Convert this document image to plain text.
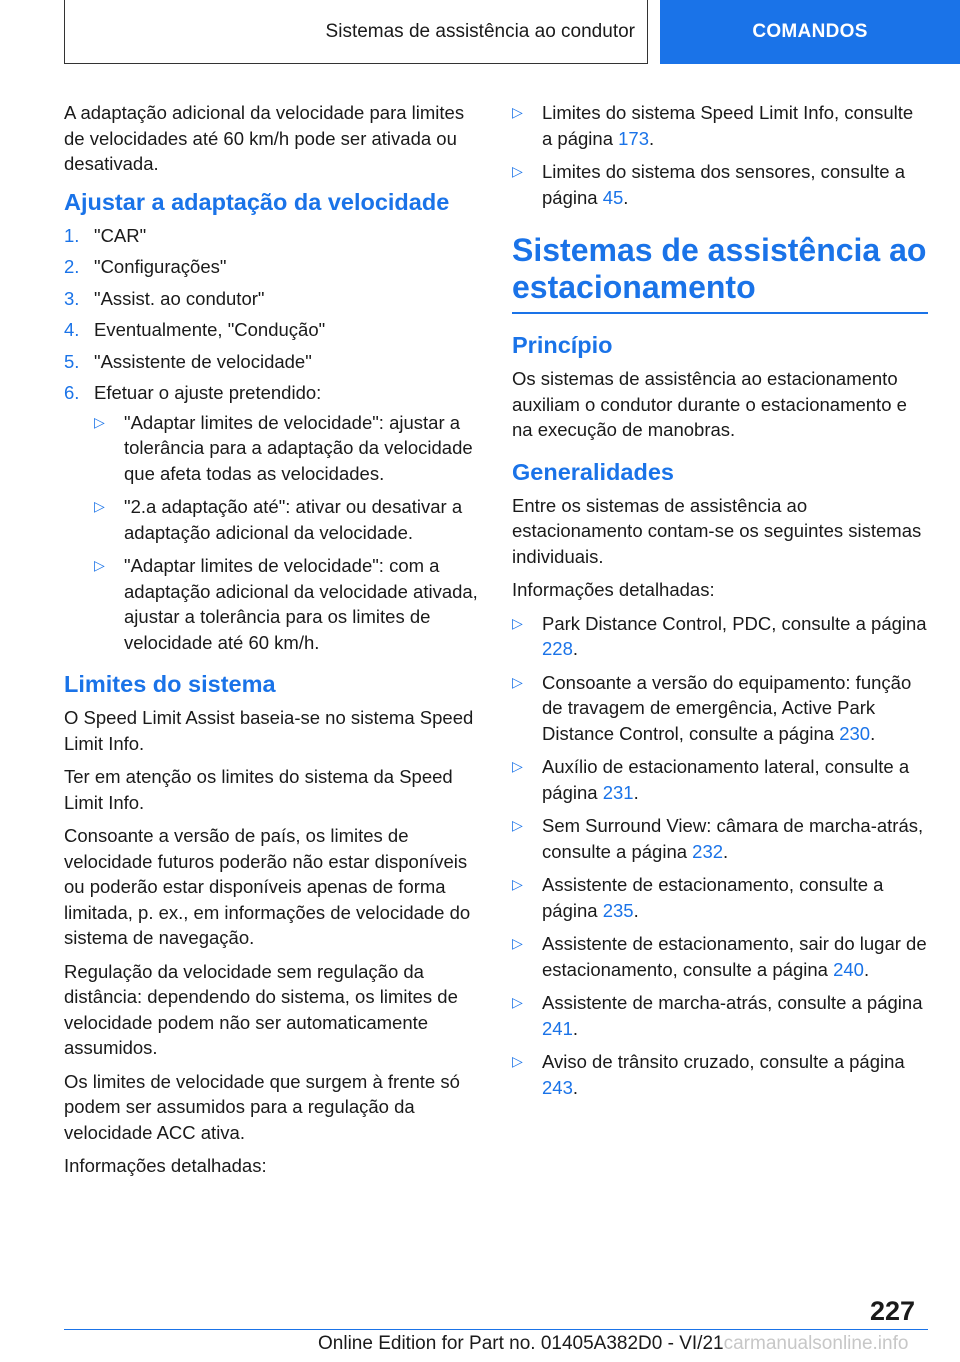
Sistemas de assistência ao condutor	COMANDOS

A adaptação adicional da velocidade para limites de velocidades até 60 km/h pode ser ativada ou desativada.

Ajustar a adaptação da velocidade
1. "CAR"
2. "Configurações"
3. "Assist. ao condutor"
4. Eventualmente, "Condução"
5. "Assistente de velocidade"
6. Efetuar o ajuste pretendido:
▷ "Adaptar limites de velocidade": ajustar a tolerância para a adaptação da velocidade que afeta todas as velocidades.
▷ "2.a adaptação até": ativar ou desativar a adaptação adicional da velocidade.
▷ "Adaptar limites de velocidade": com a adaptação adicional da velocidade ativada, ajustar a tolerância para os limites de velocidade até 60 km/h.
Limites do sistema

O Speed Limit Assist baseia-se no sistema Speed Limit Info.

Ter em atenção os limites do sistema da Speed Limit Info.

Consoante a versão de país, os limites de velocidade futuros poderão não estar disponíveis ou poderão estar disponíveis apenas de forma limitada, p. ex., em informações de velocidade do sistema de navegação.

Regulação da velocidade sem regulação da distância: dependendo do sistema, os limites de velocidade podem não ser automaticamente assumidos.

Os limites de velocidade que surgem à frente só podem ser assumidos para a regulação da velocidade ACC ativa.

Informações detalhadas:

▷ Limites do sistema Speed Limit Info, consulte a página 173.
▷ Limites do sistema dos sensores, consulte a página 45.
Sistemas de assistência ao estacionamento
Princípio

Os sistemas de assistência ao estacionamento auxiliam o condutor durante o estacionamento e na execução de manobras.

Generalidades

Entre os sistemas de assistência ao estacionamento contam-se os seguintes sistemas individuais.

Informações detalhadas:

▷ Park Distance Control, PDC, consulte a página 228.
▷ Consoante a versão do equipamento: função de travagem de emergência, Active Park Distance Control, consulte a página 230.
▷ Auxílio de estacionamento lateral, consulte a página 231.
▷ Sem Surround View: câmara de marcha-atrás, consulte a página 232.
▷ Assistente de estacionamento, consulte a página 235.
▷ Assistente de estacionamento, sair do lugar de estacionamento, consulte a página 240.
▷ Assistente de marcha-atrás, consulte a página 241.
▷ Aviso de trânsito cruzado, consulte a página 243.
227
Online Edition for Part no. 01405A382D0 - VI/21carmanualsonline.info
